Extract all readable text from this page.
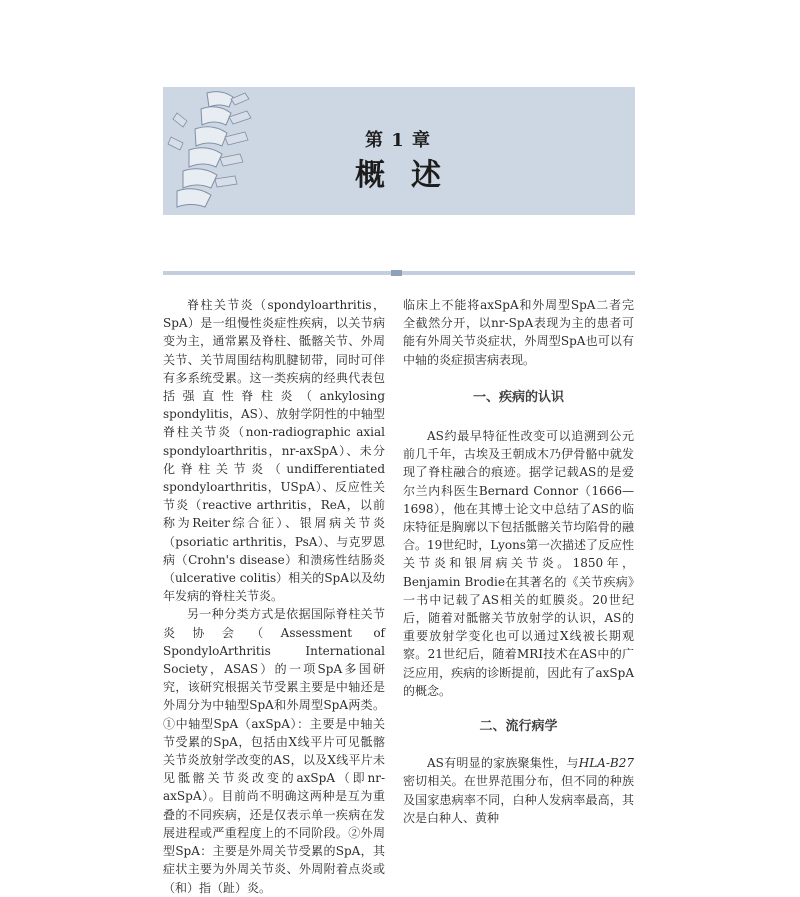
第 1 章
概述

脊柱关节炎（spondyloarthritis，SpA）是一组慢性炎症性疾病，以关节病变为主，通常累及脊柱、骶髂关节、外周关节、关节周围结构肌腱韧带，同时可伴有多系统受累。这一类疾病的经典代表包括强直性脊柱炎（ankylosing spondylitis，AS）、放射学阴性的中轴型脊柱关节炎（non-radiographic axial spondyloarthritis，nr-axSpA）、未分化脊柱关节炎（undifferentiated spondyloarthritis，USpA）、反应性关节炎（reactive arthritis，ReA，以前称为Reiter综合征）、银屑病关节炎（psoriatic arthritis，PsA）、与克罗恩病（Crohn's disease）和溃疡性结肠炎（ulcerative colitis）相关的SpA以及幼年发病的脊柱关节炎。

另一种分类方式是依据国际脊柱关节炎协会（Assessment of SpondyloArthritis International Society，ASAS）的一项SpA多国研究，该研究根据关节受累主要是中轴还是外周分为中轴型SpA和外周型SpA两类。①中轴型SpA（axSpA）：主要是中轴关节受累的SpA，包括由X线平片可见骶髂关节炎放射学改变的AS，以及X线平片未见骶髂关节炎改变的axSpA（即nr-axSpA）。目前尚不明确这两种是互为重叠的不同疾病，还是仅表示单一疾病在发展进程或严重程度上的不同阶段。②外周型SpA：主要是外周关节受累的SpA，其症状主要为外周关节炎、外周附着点炎或（和）指（趾）炎。

临床上不能将axSpA和外周型SpA二者完全截然分开，以nr-SpA表现为主的患者可能有外周关节炎症状，外周型SpA也可以有中轴的炎症损害病表现。

一、疾病的认识

AS约最早特征性改变可以追溯到公元前几千年，古埃及王朝成木乃伊骨骼中就发现了脊柱融合的痕迹。据学记载AS的是爱尔兰内科医生Bernard Connor（1666—1698），他在其博士论文中总结了AS的临床特征是胸廓以下包括骶髂关节均陷骨的融合。19世纪时，Lyons第一次描述了反应性关节炎和银屑病关节炎。1850年，Benjamin Brodie在其著名的《关节疾病》一书中记载了AS相关的虹膜炎。20世纪后，随着对骶髂关节放射学的认识，AS的重要放射学变化也可以通过X线被长期观察。21世纪后，随着MRI技术在AS中的广泛应用，疾病的诊断提前，因此有了axSpA的概念。

二、流行病学

AS有明显的家族聚集性，与HLA-B27密切相关。在世界范围分布，但不同的种族及国家患病率不同，白种人发病率最高，其次是白种人、黄种
